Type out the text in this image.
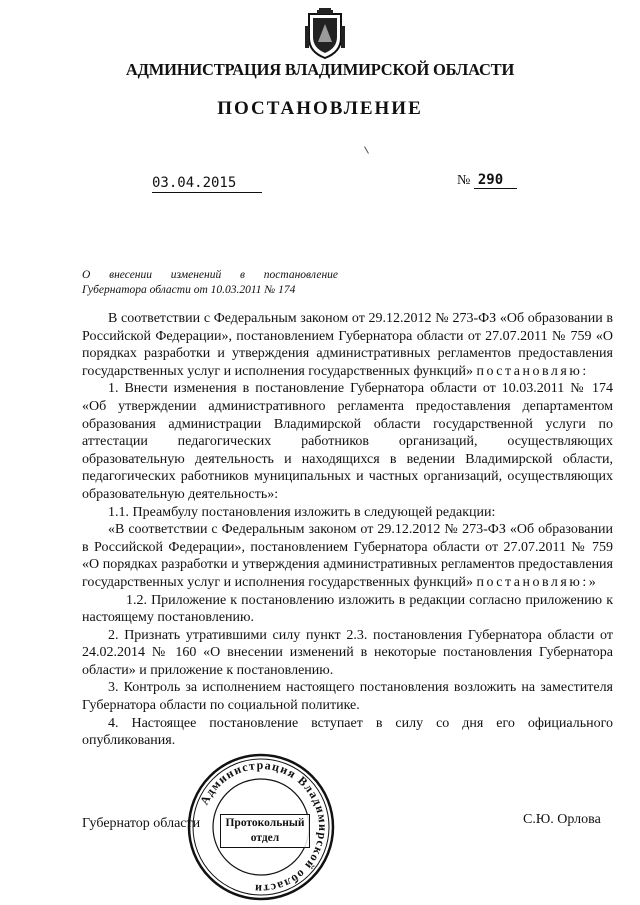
АДМИНИСТРАЦИЯ ВЛАДИМИРСКОЙ ОБЛАСТИ
ПОСТАНОВЛЕНИЕ
03.04.2015	№ 290
О внесении изменений в постановление
Губернатора области от 10.03.2011 № 174

В соответствии с Федеральным законом от 29.12.2012 № 273-ФЗ «Об образовании в Российской Федерации», постановлением Губернатора области от 27.07.2011 № 759 «О порядках разработки и утверждения административных регламентов предоставления государственных услуг и исполнения государственных функций» постановляю:

1. Внести изменения в постановление Губернатора области от 10.03.2011 № 174 «Об утверждении административного регламента предоставления департаментом образования администрации Владимирской области государственной услуги по аттестации педагогических работников организаций, осуществляющих образовательную деятельность и находящихся в ведении Владимирской области, педагогических работников муниципальных и частных организаций, осуществляющих образовательную деятельность»:

1.1. Преамбулу постановления изложить в следующей редакции:

«В соответствии с Федеральным законом от 29.12.2012 № 273-ФЗ «Об образовании в Российской Федерации», постановлением Губернатора области от 27.07.2011 № 759 «О порядках разработки и утверждения административных регламентов предоставления государственных услуг и исполнения государственных функций» постановляю:»

1.2. Приложение к постановлению изложить в редакции согласно приложению к настоящему постановлению.

2. Признать утратившими силу пункт 2.3. постановления Губернатора области от 24.02.2014 № 160 «О внесении изменений в некоторые постановления Губернатора области» и приложение к постановлению.

3. Контроль за исполнением настоящего постановления возложить на заместителя Губернатора области по социальной политике.

4. Настоящее постановление вступает в силу со дня его официального опубликования.

Администрация Владимирской области
Протокольный
отдел
Губернатор области	С.Ю. Орлова
